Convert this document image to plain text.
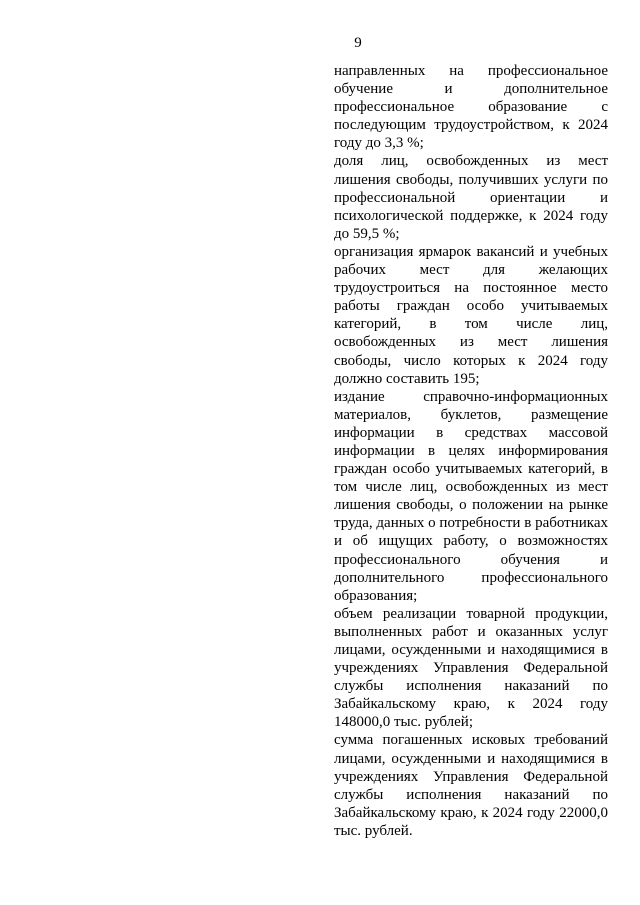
9

направленных на профессиональное обучение и дополнительное профессиональное образование с последующим трудоустройством, к 2024 году до 3,3 %;

доля лиц, освобожденных из мест лишения свободы, получивших услуги по профессиональной ориентации и психологической поддержке, к 2024 году до 59,5 %;

организация ярмарок вакансий и учебных рабочих мест для желающих трудоустроиться на постоянное место работы граждан особо учитываемых категорий, в том числе лиц, освобожденных из мест лишения свободы, число которых к 2024 году должно составить 195;

издание справочно-информационных материалов, буклетов, размещение информации в средствах массовой информации в целях информирования граждан особо учитываемых категорий, в том числе лиц, освобожденных из мест лишения свободы, о положении на рынке труда, данных о потребности в работниках и об ищущих работу, о возможностях профессионального обучения и дополнительного профессионального образования;

объем реализации товарной продукции, выполненных работ и оказанных услуг лицами, осужденными и находящимися в учреждениях Управления Федеральной службы исполнения наказаний по Забайкальскому краю, к 2024 году 148000,0 тыс. рублей;

сумма погашенных исковых требований лицами, осужденными и находящимися в учреждениях Управления Федеральной службы исполнения наказаний по Забайкальскому краю, к 2024 году 22000,0 тыс. рублей.
